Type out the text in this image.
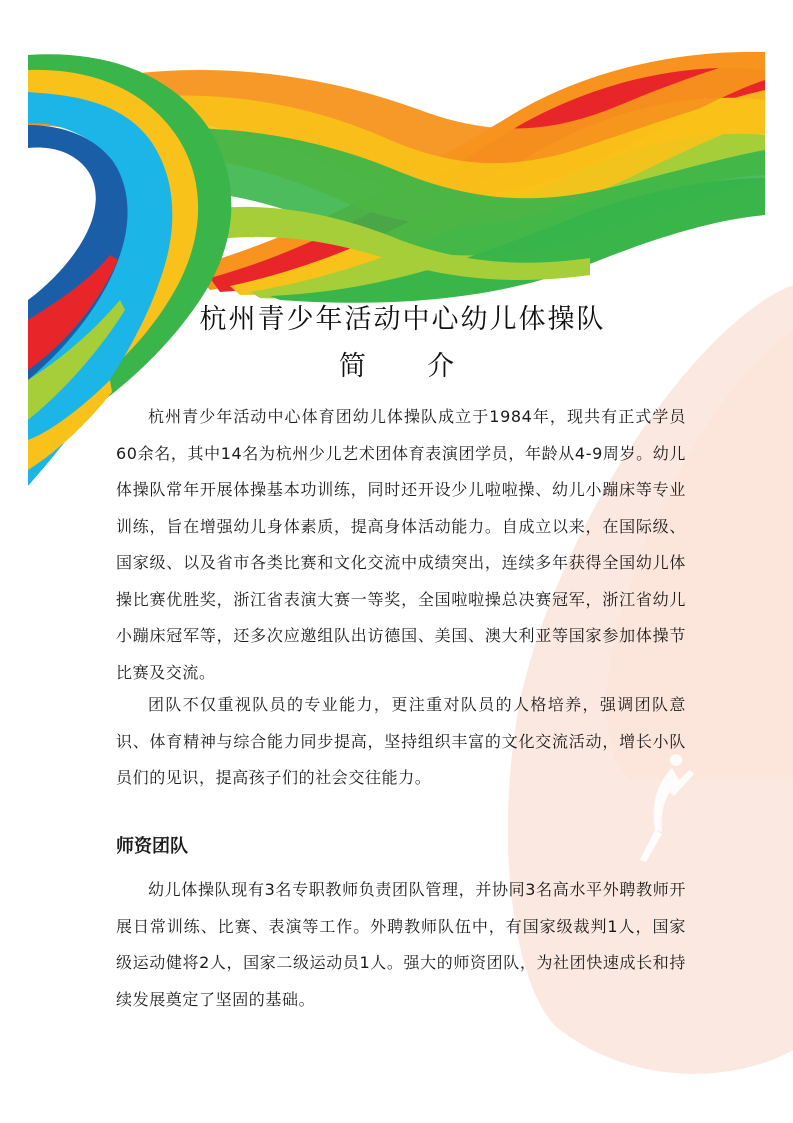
杭州青少年活动中心幼儿体操队
简 介

杭州青少年活动中心体育团幼儿体操队成立于1984年，现共有正式学员60余名，其中14名为杭州少儿艺术团体育表演团学员，年龄从4-9周岁。幼儿体操队常年开展体操基本功训练，同时还开设少儿啦啦操、幼儿小蹦床等专业训练，旨在增强幼儿身体素质，提高身体活动能力。自成立以来，在国际级、国家级、以及省市各类比赛和文化交流中成绩突出，连续多年获得全国幼儿体操比赛优胜奖，浙江省表演大赛一等奖，全国啦啦操总决赛冠军，浙江省幼儿小蹦床冠军等，还多次应邀组队出访德国、美国、澳大利亚等国家参加体操节比赛及交流。

团队不仅重视队员的专业能力，更注重对队员的人格培养，强调团队意识、体育精神与综合能力同步提高，坚持组织丰富的文化交流活动，增长小队员们的见识，提高孩子们的社会交往能力。

师资团队

幼儿体操队现有3名专职教师负责团队管理，并协同3名高水平外聘教师开展日常训练、比赛、表演等工作。外聘教师队伍中，有国家级裁判1人，国家级运动健将2人，国家二级运动员1人。强大的师资团队，为社团快速成长和持续发展奠定了坚固的基础。
